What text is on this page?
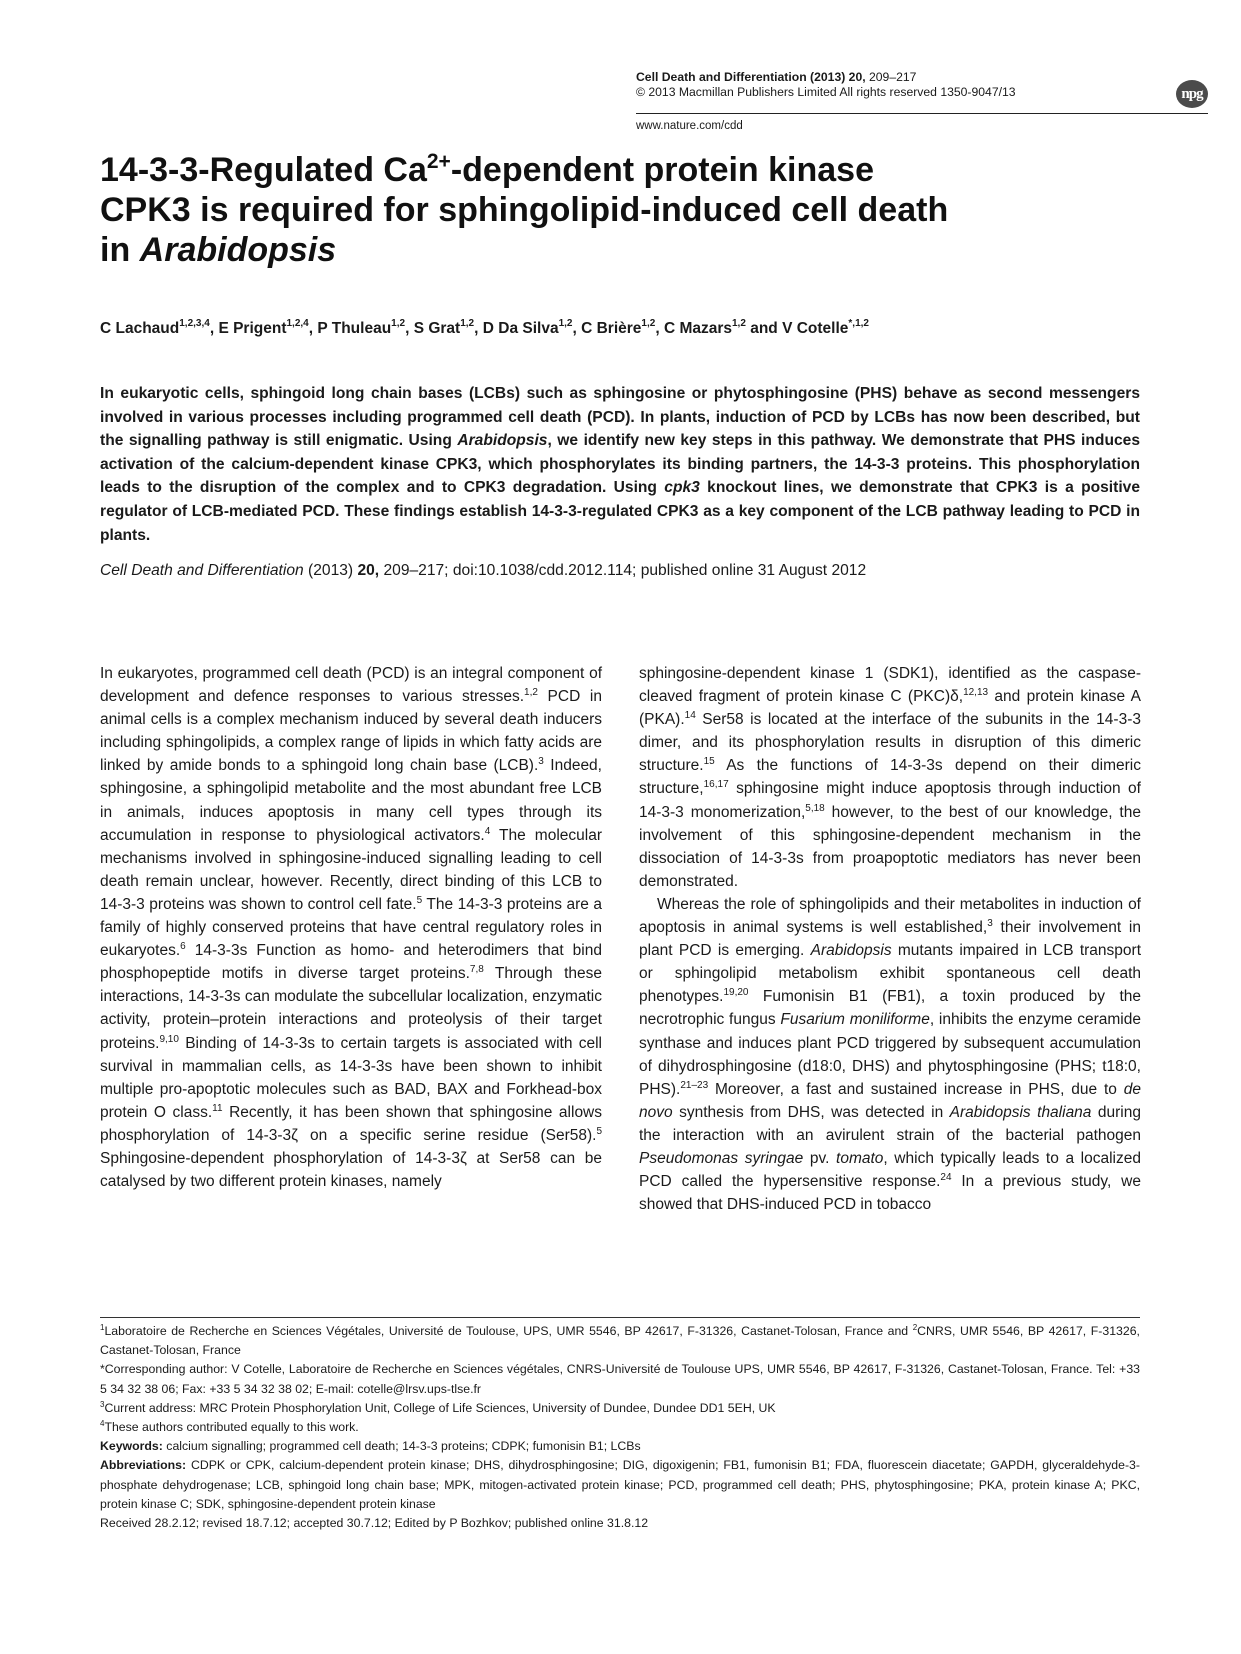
Cell Death and Differentiation (2013) 20, 209–217
© 2013 Macmillan Publishers Limited All rights reserved 1350-9047/13	npg
www.nature.com/cdd
14-3-3-Regulated $Ca^{2+}$-dependent protein kinase
CPK3 is required for sphingolipid-induced cell death
in Arabidopsis
C Lachaud$^{1,2,3,4}$, E Prigent$^{1,2,4}$, P Thuleau$^{1,2}$, S Grat$^{1,2}$, D Da Silva$^{1,2}$, C Brière$^{1,2}$, C Mazars$^{1,2}$ and V Cotelle$^{*,1,2}$
In eukaryotic cells, sphingoid long chain bases (LCBs) such as sphingosine or phytosphingosine (PHS) behave as second messengers involved in various processes including programmed cell death (PCD). In plants, induction of PCD by LCBs has now been described, but the signalling pathway is still enigmatic. Using Arabidopsis, we identify new key steps in this pathway. We demonstrate that PHS induces activation of the calcium-dependent kinase CPK3, which phosphorylates its binding partners, the 14-3-3 proteins. This phosphorylation leads to the disruption of the complex and to CPK3 degradation. Using cpk3 knockout lines, we demonstrate that CPK3 is a positive regulator of LCB-mediated PCD. These findings establish 14-3-3-regulated CPK3 as a key component of the LCB pathway leading to PCD in plants.
Cell Death and Differentiation (2013) 20, 209–217; doi:10.1038/cdd.2012.114; published online 31 August 2012

In eukaryotes, programmed cell death (PCD) is an integral component of development and defence responses to various stresses.$^{1,2}$ PCD in animal cells is a complex mechanism induced by several death inducers including sphingolipids, a complex range of lipids in which fatty acids are linked by amide bonds to a sphingoid long chain base (LCB).$^3$ Indeed, sphingosine, a sphingolipid metabolite and the most abundant free LCB in animals, induces apoptosis in many cell types through its accumulation in response to physiological activators.$^4$ The molecular mechanisms involved in sphingosine-induced signalling leading to cell death remain unclear, however. Recently, direct binding of this LCB to 14-3-3 proteins was shown to control cell fate.$^5$ The 14-3-3 proteins are a family of highly conserved proteins that have central regulatory roles in eukaryotes.$^6$ 14-3-3s Function as homo- and heterodimers that bind phosphopeptide motifs in diverse target proteins.$^{7,8}$ Through these interactions, 14-3-3s can modulate the subcellular localization, enzymatic activity, protein–protein interactions and proteolysis of their target proteins.$^{9,10}$ Binding of 14-3-3s to certain targets is associated with cell survival in mammalian cells, as 14-3-3s have been shown to inhibit multiple pro-apoptotic molecules such as BAD, BAX and Forkhead-box protein O class.$^{11}$ Recently, it has been shown that sphingosine allows phosphorylation of 14-3-3ζ on a specific serine residue (Ser58).$^5$ Sphingosine-dependent phosphorylation of 14-3-3ζ at Ser58 can be catalysed by two different protein kinases, namely

sphingosine-dependent kinase 1 (SDK1), identified as the caspase-cleaved fragment of protein kinase C (PKC)δ,$^{12,13}$ and protein kinase A (PKA).$^{14}$ Ser58 is located at the interface of the subunits in the 14-3-3 dimer, and its phosphorylation results in disruption of this dimeric structure.$^{15}$ As the functions of 14-3-3s depend on their dimeric structure,$^{16,17}$ sphingosine might induce apoptosis through induction of 14-3-3 monomerization,$^{5,18}$ however, to the best of our knowledge, the involvement of this sphingosine-dependent mechanism in the dissociation of 14-3-3s from proapoptotic mediators has never been demonstrated.

Whereas the role of sphingolipids and their metabolites in induction of apoptosis in animal systems is well established,$^3$ their involvement in plant PCD is emerging. Arabidopsis mutants impaired in LCB transport or sphingolipid metabolism exhibit spontaneous cell death phenotypes.$^{19,20}$ Fumonisin B1 (FB1), a toxin produced by the necrotrophic fungus Fusarium moniliforme, inhibits the enzyme ceramide synthase and induces plant PCD triggered by subsequent accumulation of dihydrosphingosine (d18:0, DHS) and phytosphingosine (PHS; t18:0, PHS).$^{21-23}$ Moreover, a fast and sustained increase in PHS, due to de novo synthesis from DHS, was detected in Arabidopsis thaliana during the interaction with an avirulent strain of the bacterial pathogen Pseudomonas syringae pv. tomato, which typically leads to a localized PCD called the hypersensitive response.$^{24}$ In a previous study, we showed that DHS-induced PCD in tobacco

$^1$Laboratoire de Recherche en Sciences Végétales, Université de Toulouse, UPS, UMR 5546, BP 42617, F-31326, Castanet-Tolosan, France and $^2$CNRS, UMR 5546, BP 42617, F-31326, Castanet-Tolosan, France

*Corresponding author: V Cotelle, Laboratoire de Recherche en Sciences végétales, CNRS-Université de Toulouse UPS, UMR 5546, BP 42617, F-31326, Castanet-Tolosan, France. Tel: +33 5 34 32 38 06; Fax: +33 5 34 32 38 02; E-mail: cotelle@lrsv.ups-tlse.fr

$^3$Current address: MRC Protein Phosphorylation Unit, College of Life Sciences, University of Dundee, Dundee DD1 5EH, UK

$^4$These authors contributed equally to this work.

Keywords: calcium signalling; programmed cell death; 14-3-3 proteins; CDPK; fumonisin B1; LCBs

Abbreviations: CDPK or CPK, calcium-dependent protein kinase; DHS, dihydrosphingosine; DIG, digoxigenin; FB1, fumonisin B1; FDA, fluorescein diacetate; GAPDH, glyceraldehyde-3-phosphate dehydrogenase; LCB, sphingoid long chain base; MPK, mitogen-activated protein kinase; PCD, programmed cell death; PHS, phytosphingosine; PKA, protein kinase A; PKC, protein kinase C; SDK, sphingosine-dependent protein kinase

Received 28.2.12; revised 18.7.12; accepted 30.7.12; Edited by P Bozhkov; published online 31.8.12
